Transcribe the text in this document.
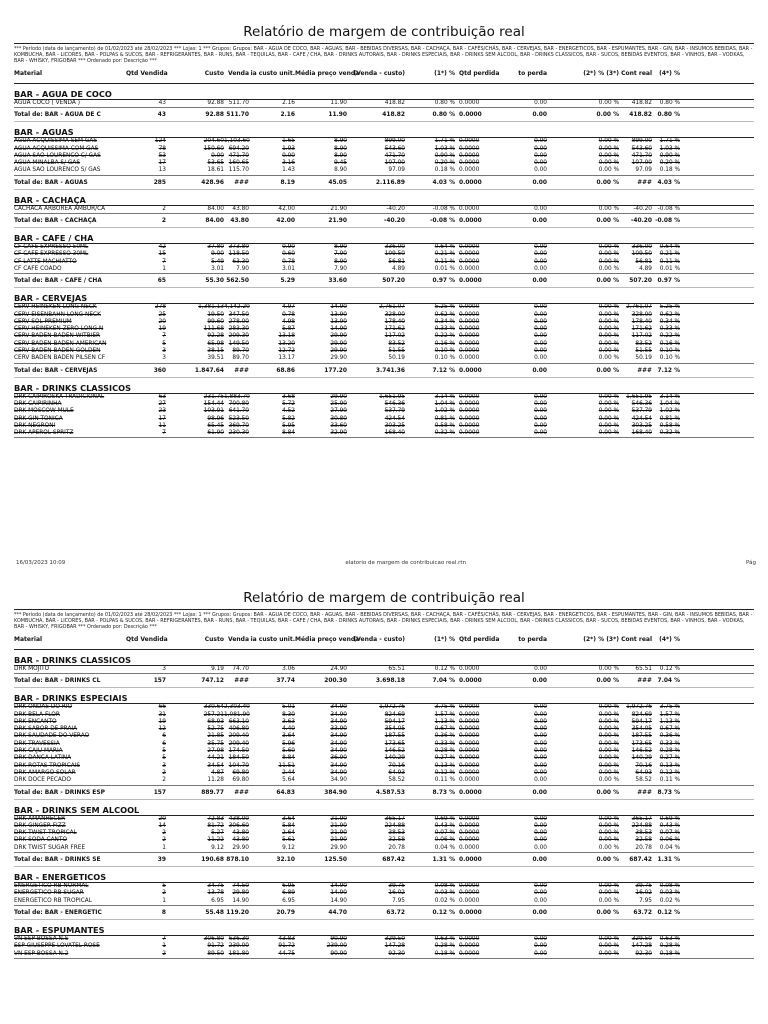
Relatório de margem de contribuição real
*** Período (data de lançamento) de 01/02/2023 até 28/02/2023 *** Lojas: 1 *** Grupos: Grupos: BAR - AGUA DE COCO, BAR - AGUAS, BAR - BEBIDAS DIVERSAS, BAR - CACHAÇA, BAR - CAFÉS/CHÁS, BAR - CERVEJAS, BAR - ENERGETICOS, BAR - ESPUMANTES, BAR - GIN, BAR - INSUMOS BEBIDAS, BAR - KOMBUCHA, BAR - LICORES, BAR - POLPAS & SUCOS, BAR - REFRIGERANTES, BAR - RUNS, BAR - TEQUILAS, BAR - CAFE / CHA, BAR - DRINKS AUTORAIS, BAR - DRINKS ESPECIAIS, BAR - DRINKS SEM ALCOOL, BAR - DRINKS CLASSICOS, BAR - SUCOS, BEBIDAS EVENTOS, BAR - VINHOS, BAR - VODKAS, BAR - WHISKY, FRIGOBAR *** Ordenado por: Descrição ***
Material	Qtd Vendida	Custo Venda ia custo unit. Média preço venda
(Venda - custo)	(1*) % Qtd perdida	to perda	(2*) % (3*) Cont real	(4*) %
BAR - AGUA DE COCO
AGUA COCO ( VENDA )	43	92.88 511.70	2.16	11.90	418.82	0.80 % 0.0000	0.00	0.00 %	418.82	0.80 %
Total de: BAR - AGUA DE C	43	92.88 511.70	2.16	11.90	418.82	0.80 % 0.0000	0.00	0.00 %	418.82 0.80 %
BAR - AGUAS
AGUA ACQUISSIMA SEM GAS	124	204.60 1,103.60	1.65	8.90	899.00	1.71 % 0.0000	0.00	0.00 %	899.00	1.71 %
AGUA ACQUISSIMA COM GAS	78	150.60 694.20	1.93	8.90	543.60	1.03 % 0.0000	0.00	0.00 %	543.60	1.03 %
AGUA SAO LOURENCO C/ GAS	53	0.00 471.70	0.00	8.90	471.70	0.90 % 0.0000	0.00	0.00 %	471.70	0.90 %
AGUA MINALBA S/ GAS	17	53.65 160.65	3.16	9.45	107.00	0.20 % 0.0000	0.00	0.00 %	107.00	0.20 %
AGUA SAO LOURENCO S/ GAS	13	18.61 115.70	1.43	8.90	97.09	0.18 % 0.0000	0.00	0.00 %	97.09	0.18 %
Total de: BAR - AGUAS	285	428.96	###	8.19	45.05	2.116.89	4.03 % 0.0000	0.00	0.00 %	### 4.03 %
BAR - CACHAÇA
CACHACA ARBOREA AMBUR/CA	2	84.00	43.80	42.00	21.90	-40.20	-0.08 % 0.0000	0.00	0.00 %	-40.20 -0.08 %
Total de: BAR - CACHAÇA	2	84.00	43.80	42.00	21.90	-40.20	-0.08 % 0.0000	0.00	0.00 %	-40.20 -0.08 %
BAR - CAFE / CHA
CF CAFE EXPRESSO 50ML	42	37.80 373.80	0.90	8.90	336.00	0.64 % 0.0000	0.00	0.00 %	336.00	0.64 %
CF CAFE EXPRESSO 30ML	15	9.00 118.50	0.60	7.90	109.50	0.21 % 0.0000	0.00	0.00 %	109.50	0.21 %
CF LATTE MACHIATTO	7	5.49	63.30	0.78	8.90	56.81	0.11 % 0.0000	0.00	0.00 %	56.81	0.11 %
CF CAFE COADO	1	3.01	7.90	3.01	7.90	4.89	0.01 % 0.0000	0.00	0.00 %	4.89	0.01 %
Total de: BAR - CAFE / CHA	65	55.30 562.50	5.29	33.60	507.20	0.97 % 0.0000	0.00	0.00 %	507.20 0.97 %
BAR - CERVEJAS
CERV HEINEKEN LONG NECK	278	1,381.13 4,142.20	4.97	14.90	2,761.07	5.25 % 0.0000	0.00	0.00 %	2,761.07	5.25 %
CERV EISENBAHN LONG NECK	25	19.50 347.50	0.78	13.90	328.00	0.62 % 0.0000	0.00	0.00 %	328.00	0.62 %
CERV SOL PREMIUM	20	99.60 278.00	4.98	13.90	178.40	0.34 % 0.0000	0.00	0.00 %	178.40	0.34 %
CERV HEINEKEN ZERO LONG N	19	111.68 283.30	5.87	14.90	171.62	0.33 % 0.0000	0.00	0.00 %	171.62	0.33 %
CERV BADEN BADEN WITBIER	7	92.28 209.30	13.18	29.90	117.02	0.22 % 0.0000	0.00	0.00 %	117.02	0.22 %
CERV BADEN BADEN AMERICAN	5	65.98 149.50	13.20	29.90	83.52	0.16 % 0.0000	0.00	0.00 %	83.52	0.16 %
CERV BADEN BADEN GOLDEN	3	38.15	89.70	12.72	29.90	51.55	0.10 % 0.0000	0.00	0.00 %	51.55	0.10 %
CERV BADEN BADEN PILSEN CF	3	39.51	89.70	13.17	29.90	50.19	0.10 % 0.0000	0.00	0.00 %	50.19	0.10 %
Total de: BAR - CERVEJAS	360	1.847.64	###	68.86	177.20	3.741.36	7.12 % 0.0000	0.00	0.00 %	### 7.12 %
BAR - DRINKS CLASSICOS
DRK CAIPIROSKA TRADICIONAL	63	231.75 1,883.70	3.68	29.90	1,651.95	3.14 % 0.0000	0.00	0.00 %	1,651.95	3.14 %
DRK CAIPIRINHA	27	154.44 700.80	5.72	25.90	546.36	1.04 % 0.0000	0.00	0.00 %	546.36	1.04 %
DRK MOSCOW MULE	23	103.91 641.70	4.52	27.90	537.79	1.02 % 0.0000	0.00	0.00 %	537.79	1.02 %
DRK GIN TONICA	17	98.96 523.50	5.82	30.80	424.54	0.81 % 0.0000	0.00	0.00 %	424.54	0.81 %
DRK NEGRONI	11	65.45 369.70	5.95	33.60	303.25	0.58 % 0.0000	0.00	0.00 %	303.25	0.58 %
DRK APEROL SPRITZ	7	61.90 230.30	8.84	32.90	168.40	0.32 % 0.0000	0.00	0.00 %	168.40	0.32 %
16/03/2023 10:09	elatorio de margem de contribuicao real.rtn	Pág
Relatório de margem de contribuição real
*** Período (data de lançamento) de 01/02/2023 até 28/02/2023 *** Lojas: 1 *** Grupos: Grupos: BAR - AGUA DE COCO, BAR - AGUAS, BAR - BEBIDAS DIVERSAS, BAR - CACHAÇA, BAR - CAFÉS/CHÁS, BAR - CERVEJAS, BAR - ENERGETICOS, BAR - ESPUMANTES, BAR - GIN, BAR - INSUMOS BEBIDAS, BAR - KOMBUCHA, BAR - LICORES, BAR - POLPAS & SUCOS, BAR - REFRIGERANTES, BAR - RUNS, BAR - TEQUILAS, BAR - CAFE / CHA, BAR - DRINKS AUTORAIS, BAR - DRINKS ESPECIAIS, BAR - DRINKS SEM ALCOOL, BAR - DRINKS CLASSICOS, BAR - SUCOS, BEBIDAS EVENTOS, BAR - VINHOS, BAR - VODKAS, BAR - WHISKY, FRIGOBAR *** Ordenado por: Descrição ***
Material	Qtd Vendida	Custo Venda ia custo unit. Média preço venda
(Venda - custo)	(1*) % Qtd perdida	to perda	(2*) % (3*) Cont real	(4*) %
BAR - DRINKS CLASSICOS
DRK MOJITO	3	9.19	74.70	3.06	24.90	65.51	0.12 % 0.0000	0.00	0.00 %	65.51	0.12 %
Total de: BAR - DRINKS CL	157	747.12	###	37.74	200.30	3.698.18	7.04 % 0.0000	0.00	0.00 %	### 7.04 %
BAR - DRINKS ESPECIAIS
DRK ONDAS DO RIO	66	330.64 2,303.40	5.01	34.90	1,972.76	3.75 % 0.0000	0.00	0.00 %	1,972.76	3.75 %
DRK BELA FLOR	31	257.21 1,081.90	8.30	34.90	824.69	1.57 % 0.0000	0.00	0.00 %	824.69	1.57 %
DRK ENCANTO	19	68.93 663.10	3.63	34.90	594.17	1.13 % 0.0000	0.00	0.00 %	594.17	1.13 %
DRK SABOR DE PRAIA	12	52.75 406.80	4.40	33.90	354.05	0.67 % 0.0000	0.00	0.00 %	354.05	0.67 %
DRK SAUDADE DO VERAO	6	21.85 209.40	3.64	34.90	187.55	0.36 % 0.0000	0.00	0.00 %	187.55	0.36 %
DRK TRAVESSIA	6	35.75 209.40	5.96	34.90	173.65	0.33 % 0.0000	0.00	0.00 %	173.65	0.33 %
DRK CAJU MARIA	5	27.98 174.50	5.60	34.90	146.52	0.28 % 0.0000	0.00	0.00 %	146.52	0.28 %
DRK DANCA LATINA	5	44.21 184.50	8.84	36.90	140.29	0.27 % 0.0000	0.00	0.00 %	140.29	0.27 %
DRK ROTAS TROPICAIS	3	34.54 104.70	11.51	34.90	70.16	0.13 % 0.0000	0.00	0.00 %	70.16	0.13 %
DRK AMARGO SOLAR	2	4.87	69.80	2.44	34.90	64.93	0.12 % 0.0000	0.00	0.00 %	64.93	0.12 %
DRK DOCE PECADO	2	11.28	69.80	5.64	34.90	58.52	0.11 % 0.0000	0.00	0.00 %	58.52	0.11 %
Total de: BAR - DRINKS ESP	157	889.77	###	64.83	384.90	4.587.53	8.73 % 0.0000	0.00	0.00 %	### 8.73 %
BAR - DRINKS SEM ALCOOL
DRK AMANHECER	20	72.83 438.00	3.64	21.90	365.17	0.69 % 0.0000	0.00	0.00 %	365.17	0.69 %
DRK GINGER FIZZ	14	81.72 306.60	5.84	21.90	224.88	0.43 % 0.0000	0.00	0.00 %	224.88	0.43 %
DRK TWIST TROPICAL	2	5.27	43.80	2.64	21.90	38.53	0.07 % 0.0000	0.00	0.00 %	38.53	0.07 %
DRK SODA CANTO	2	11.22	43.80	5.61	21.90	32.58	0.06 % 0.0000	0.00	0.00 %	32.58	0.06 %
DRK TWIST SUGAR FREE	1	9.12	29.90	9.12	29.90	20.78	0.04 % 0.0000	0.00	0.00 %	20.78	0.04 %
Total de: BAR - DRINKS SE	39	190.68 878.10	32.10	125.50	687.42	1.31 % 0.0000	0.00	0.00 %	687.42 1.31 %
BAR - ENERGETICOS
ENERGETICO RB NORMAL	5	34.75	74.50	6.95	14.90	39.75	0.08 % 0.0000	0.00	0.00 %	39.75	0.08 %
ENERGETICO RB SUGAR	2	13.78	29.80	6.89	14.90	16.02	0.03 % 0.0000	0.00	0.00 %	16.02	0.03 %
ENERGETICO RB TROPICAL	1	6.95	14.90	6.95	14.90	7.95	0.02 % 0.0000	0.00	0.00 %	7.95	0.02 %
Total de: BAR - ENERGETIC	8	55.48 119.20	20.79	44.70	63.72	0.12 % 0.0000	0.00	0.00 %	63.72 0.12 %
BAR - ESPUMANTES
VN ESP BOSSA N.S	7	306.80 636.30	43.83	90.90	329.50	0.63 % 0.0000	0.00	0.00 %	329.50	0.63 %
ESP GIUSEPPE LOVATEL ROSE	1	91.72 239.00	91.72	239.00	147.28	0.28 % 0.0000	0.00	0.00 %	147.28	0.28 %
VN ESP BOSSA N.2	2	89.50 181.80	44.75	90.90	92.30	0.18 % 0.0000	0.00	0.00 %	92.30	0.18 %
